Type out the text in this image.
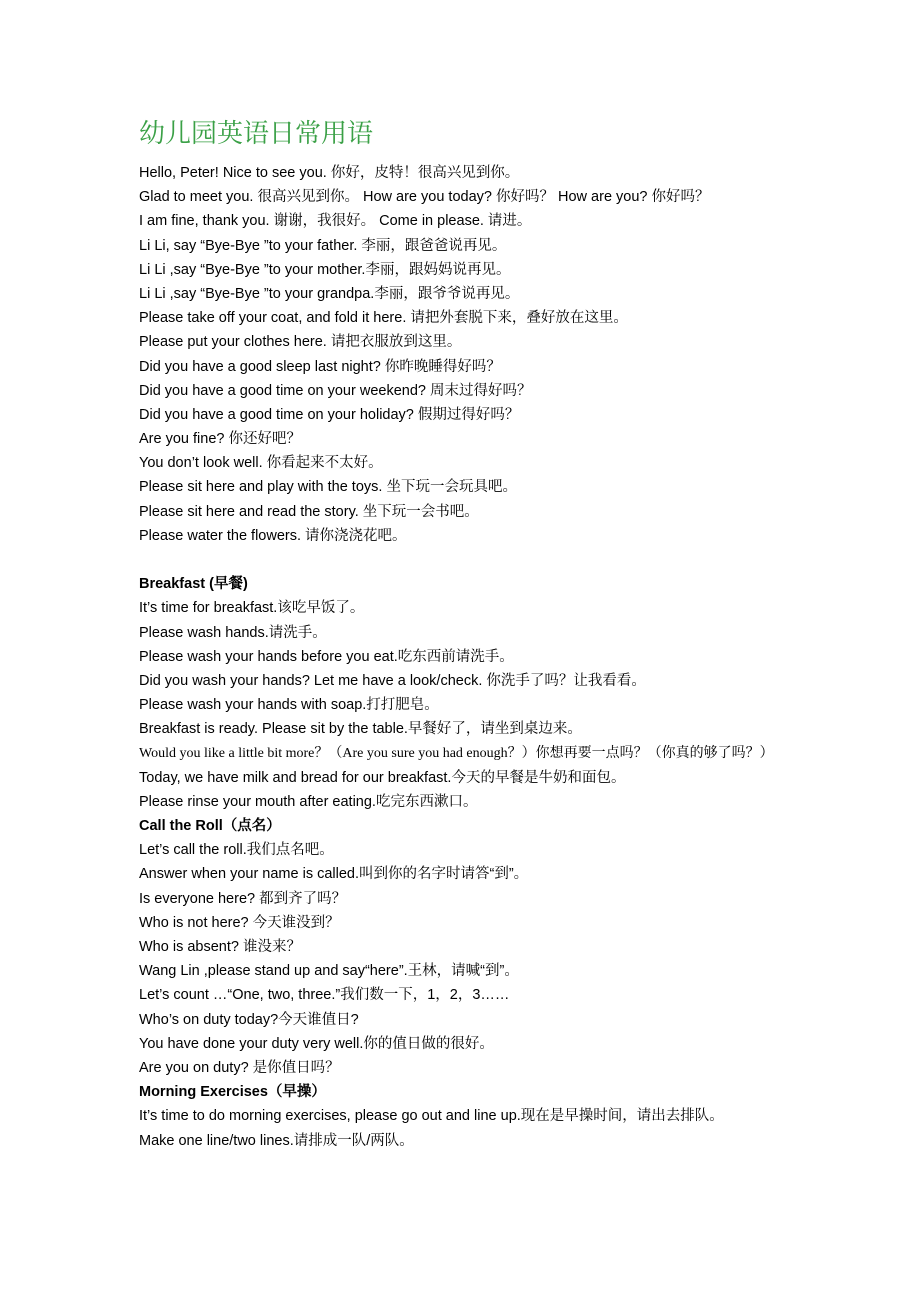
幼儿园英语日常用语
Hello, Peter! Nice to see you. 你好，皮特！很高兴见到你。
Glad to meet you. 很高兴见到你。 How are you today? 你好吗？ How are you? 你好吗？
I am fine, thank you. 谢谢，我很好。 Come in please. 请进。
Li Li, say “Bye-Bye ”to your father. 李丽，跟爸爸说再见。
Li Li ,say “Bye-Bye ”to your mother.李丽，跟妈妈说再见。
Li Li ,say “Bye-Bye ”to your grandpa.李丽，跟爷爷说再见。
Please take off your coat, and fold it here. 请把外套脱下来，叠好放在这里。
Please put your clothes here. 请把衣服放到这里。
Did you have a good sleep last night? 你昨晚睡得好吗？
Did you have a good time on your weekend? 周末过得好吗？
Did you have a good time on your holiday? 假期过得好吗？
Are you fine? 你还好吧？
You don’t look well. 你看起来不太好。
Please sit here and play with the toys. 坐下玩一会玩具吧。
Please sit here and read the story. 坐下玩一会书吧。
Please water the flowers. 请你浇浇花吧。
Breakfast (早餐)
It’s time for breakfast.该吃早饭了。
Please wash hands.请洗手。
Please wash your hands before you eat.吃东西前请洗手。
Did you wash your hands? Let me have a look/check. 你洗手了吗？让我看看。
Please wash your hands with soap.打打肥皂。
Breakfast is ready. Please sit by the table.早餐好了，请坐到桌边来。
Would you like a little bit more？（Are you sure you had enough？）你想再要一点吗？（你真的够了吗？）
Today, we have milk and bread for our breakfast.今天的早餐是牛奶和面包。
Please rinse your mouth after eating.吃完东西漱口。
Call the Roll（点名）
Let’s call the roll.我们点名吧。
Answer when your name is called.叫到你的名字时请答“到”。
Is everyone here? 都到齐了吗？
Who is not here? 今天谁没到？
Who is absent? 谁没来？
Wang Lin ,please stand up and say“here”.王林，请喊“到”。
Let’s count …“One, two, three.”我们数一下，1，2，3……
Who’s on duty today?今天谁值日?
You have done your duty very well.你的值日做的很好。
Are you on duty? 是你值日吗？
Morning Exercises（早操）
It’s time to do morning exercises, please go out and line up.现在是早操时间，请出去排队。
Make one line/two lines.请排成一队/两队。
